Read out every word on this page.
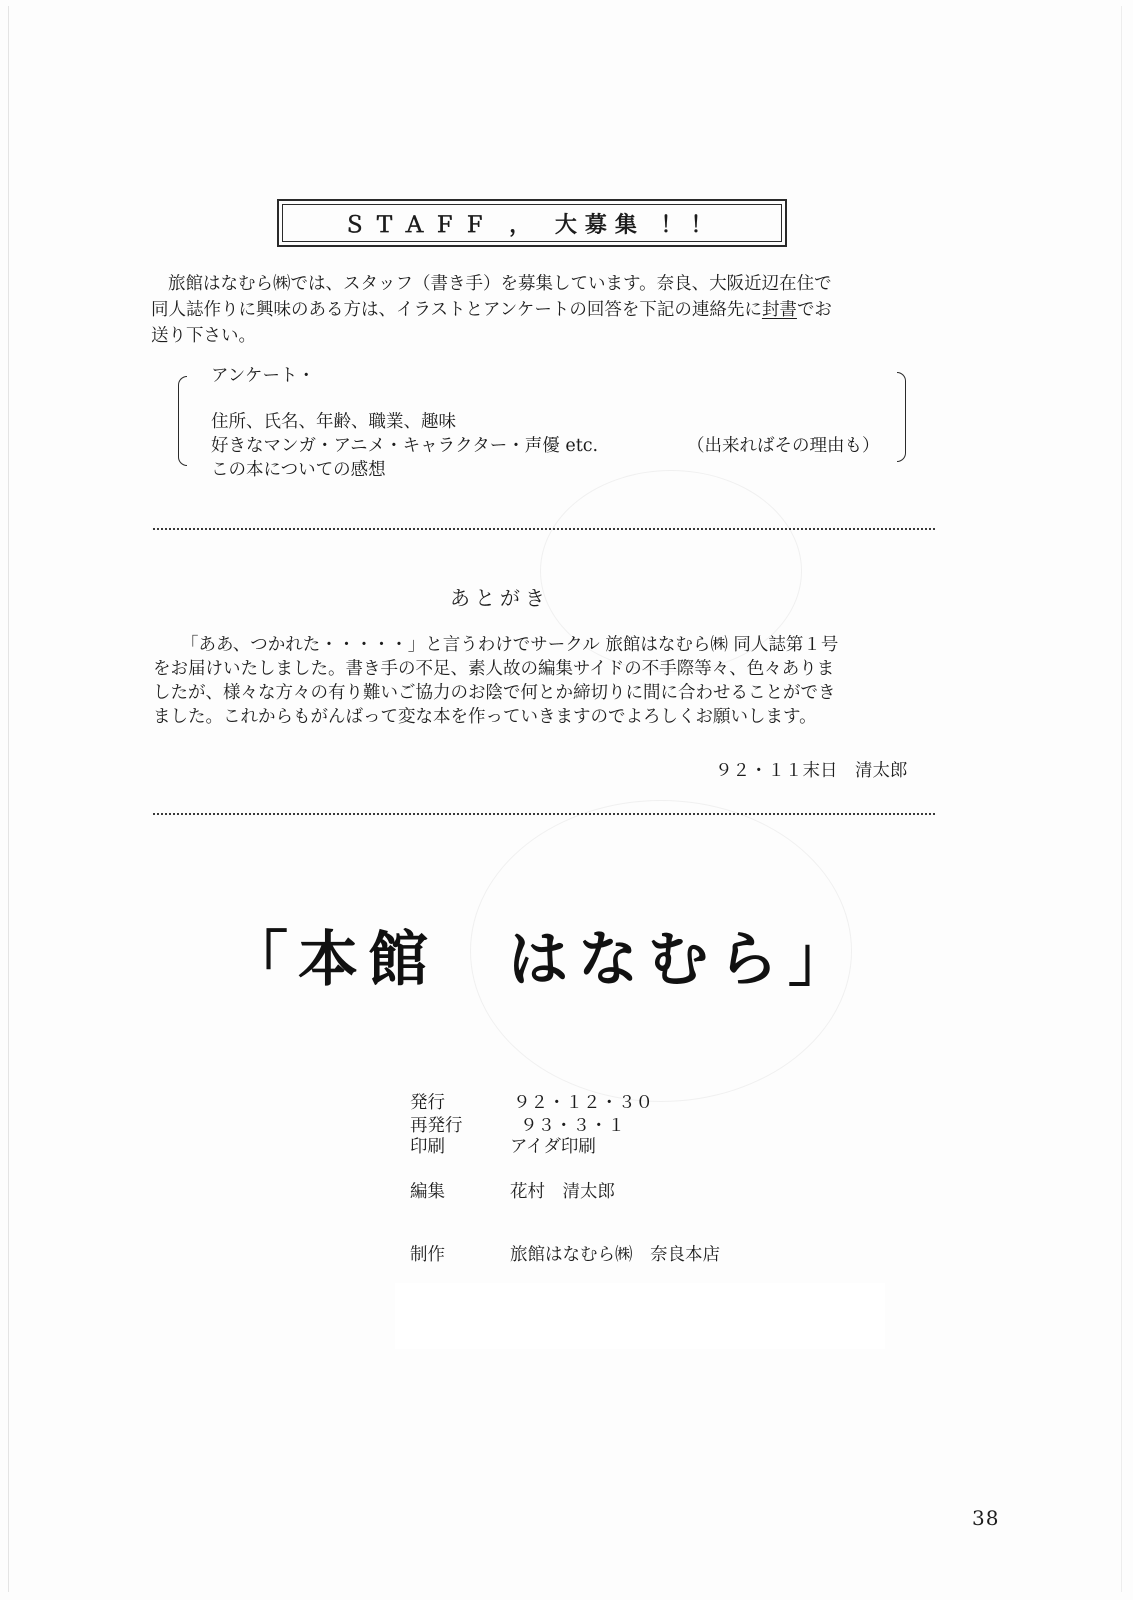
ＳＴＡＦＦ ， 大募集 ！！
旅館はなむら㈱では、スタッフ（書き手）を募集しています。奈良、大阪近辺在住で
同人誌作りに興味のある方は、イラストとアンケートの回答を下記の連絡先に封書でお
送り下さい。
アンケート・
住所、氏名、年齢、職業、趣味
好きなマンガ・アニメ・キャラクター・声優 etc.	（出来ればその理由も）
この本についての感想
あとがき
「ああ、つかれた・・・・・」と言うわけでサークル 旅館はなむら㈱ 同人誌第１号
をお届けいたしました。書き手の不足、素人故の編集サイドの不手際等々、色々ありま
したが、様々な方々の有り難いご協力のお陰で何とか締切りに間に合わせることができ
ました。これからもがんばって変な本を作っていきますのでよろしくお願いします。
９２・１１末日　清太郎
「本館　はなむら」
発行	９２・１２・３０
再発行	９３・３・１
印刷	アイダ印刷
編集	花村　清太郎
制作	旅館はなむら㈱　奈良本店
38
